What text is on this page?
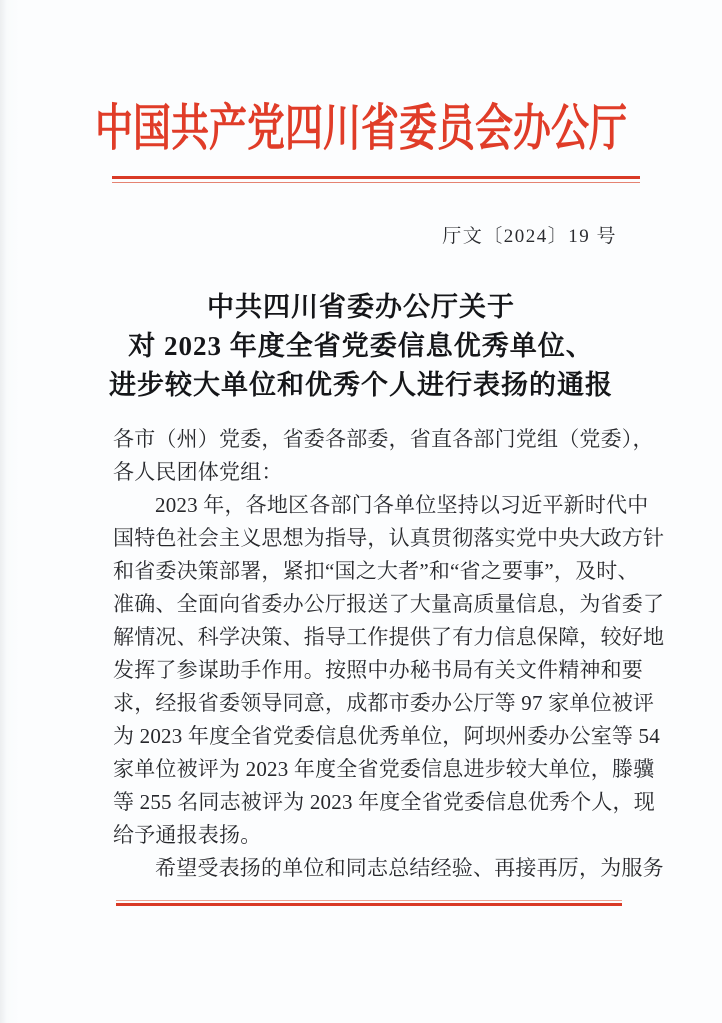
中国共产党四川省委员会办公厅
厅文〔2024〕19 号
中共四川省委办公厅关于
对 2023 年度全省党委信息优秀单位、
进步较大单位和优秀个人进行表扬的通报
各市（州）党委，省委各部委，省直各部门党组（党委），
各人民团体党组：
2023 年，各地区各部门各单位坚持以习近平新时代中
国特色社会主义思想为指导，认真贯彻落实党中央大政方针
和省委决策部署，紧扣“国之大者”和“省之要事”，及时、
准确、全面向省委办公厅报送了大量高质量信息，为省委了
解情况、科学决策、指导工作提供了有力信息保障，较好地
发挥了参谋助手作用。按照中办秘书局有关文件精神和要
求，经报省委领导同意，成都市委办公厅等 97 家单位被评
为 2023 年度全省党委信息优秀单位，阿坝州委办公室等 54
家单位被评为 2023 年度全省党委信息进步较大单位，滕骥
等 255 名同志被评为 2023 年度全省党委信息优秀个人，现
给予通报表扬。
希望受表扬的单位和同志总结经验、再接再厉，为服务
